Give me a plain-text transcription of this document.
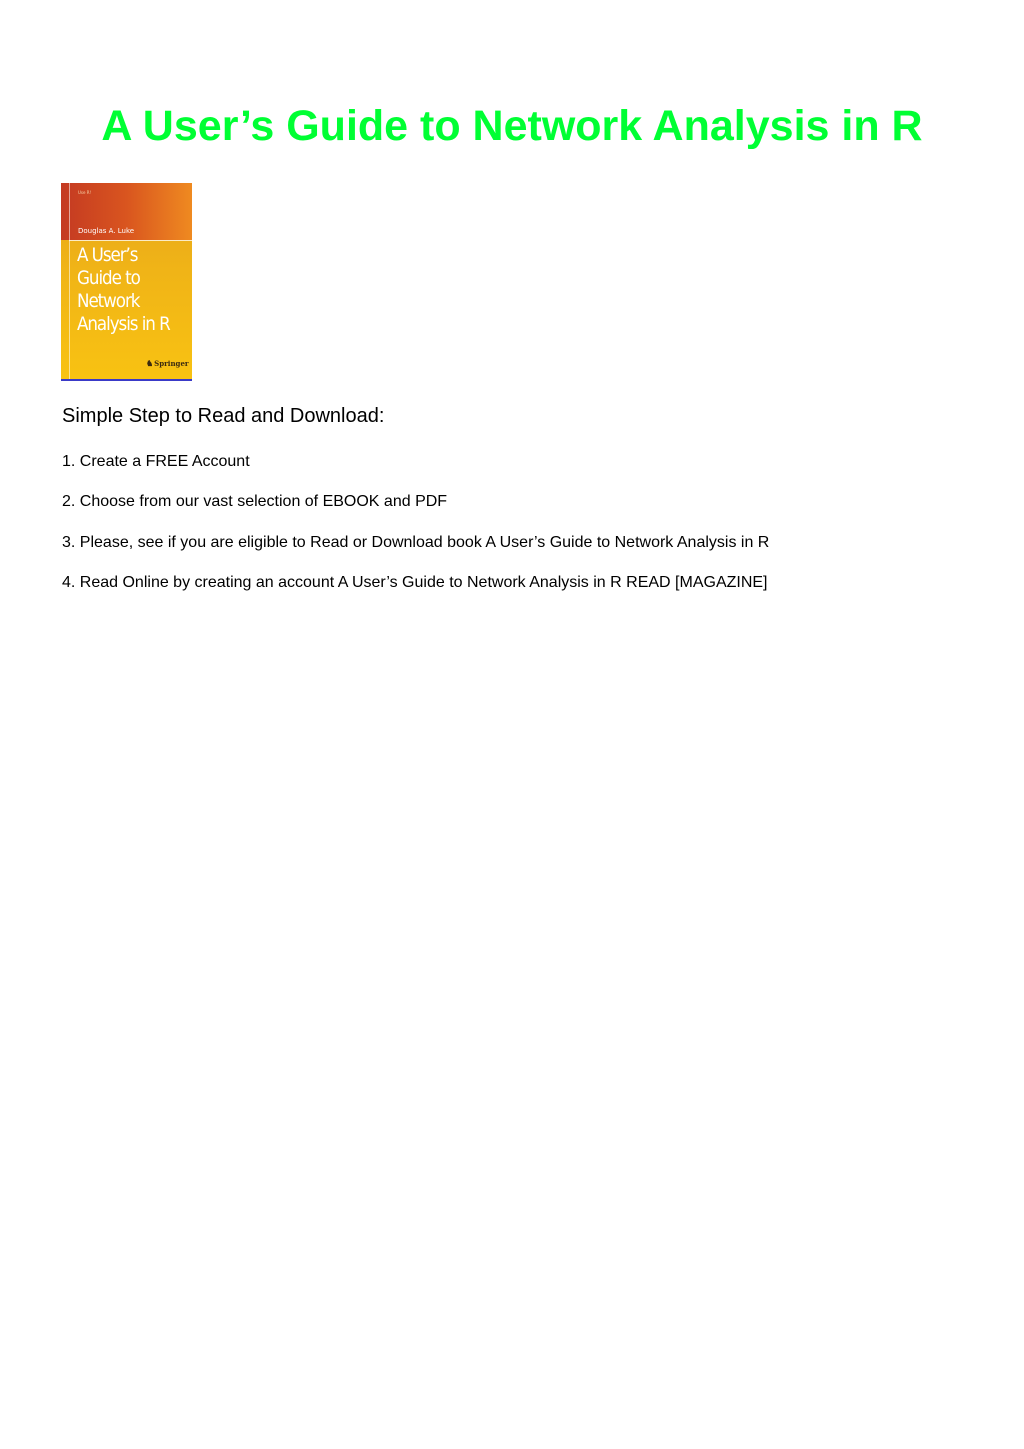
A User’s Guide to Network Analysis in R
Use R!
Douglas A. Luke
A User’s
Guide to
Network
Analysis in R
♞Springer
Simple Step to Read and Download:

1. Create a FREE Account

2. Choose from our vast selection of EBOOK and PDF

3. Please, see if you are eligible to Read or Download book A User’s Guide to Network Analysis in R

4. Read Online by creating an account A User’s Guide to Network Analysis in R READ [MAGAZINE]
